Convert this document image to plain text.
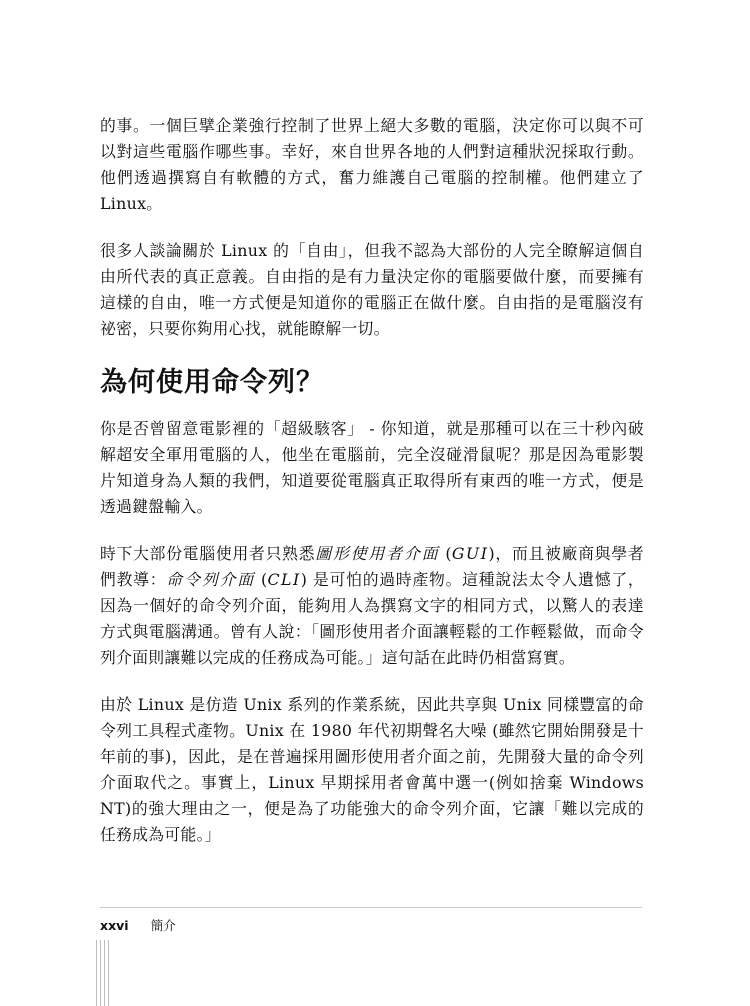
的事。一個巨擘企業強行控制了世界上絕大多數的電腦，決定你可以與不可以對這些電腦作哪些事。幸好，來自世界各地的人們對這種狀況採取行動。他們透過撰寫自有軟體的方式，奮力維護自己電腦的控制權。他們建立了 Linux。

很多人談論關於 Linux 的「自由」，但我不認為大部份的人完全瞭解這個自由所代表的真正意義。自由指的是有力量決定你的電腦要做什麼，而要擁有這樣的自由，唯一方式便是知道你的電腦正在做什麼。自由指的是電腦沒有祕密，只要你夠用心找，就能瞭解一切。

為何使用命令列？

你是否曾留意電影裡的「超級駭客」 - 你知道，就是那種可以在三十秒內破解超安全軍用電腦的人，他坐在電腦前，完全沒碰滑鼠呢？那是因為電影製片知道身為人類的我們，知道要從電腦真正取得所有東西的唯一方式，便是透過鍵盤輸入。

時下大部份電腦使用者只熟悉圖形使用者介面 (GUI)，而且被廠商與學者們教導：命令列介面 (CLI) 是可怕的過時產物。這種說法太令人遺憾了，因為一個好的命令列介面，能夠用人為撰寫文字的相同方式，以驚人的表達方式與電腦溝通。曾有人說：「圖形使用者介面讓輕鬆的工作輕鬆做，而命令列介面則讓難以完成的任務成為可能。」這句話在此時仍相當寫實。

由於 Linux 是仿造 Unix 系列的作業系統，因此共享與 Unix 同樣豐富的命令列工具程式產物。Unix 在 1980 年代初期聲名大噪 (雖然它開始開發是十年前的事)，因此，是在普遍採用圖形使用者介面之前，先開發大量的命令列介面取代之。事實上，Linux 早期採用者會萬中選一(例如捨棄 Windows NT)的強大理由之一，便是為了功能強大的命令列介面，它讓「難以完成的任務成為可能。」

xxvi 簡介
